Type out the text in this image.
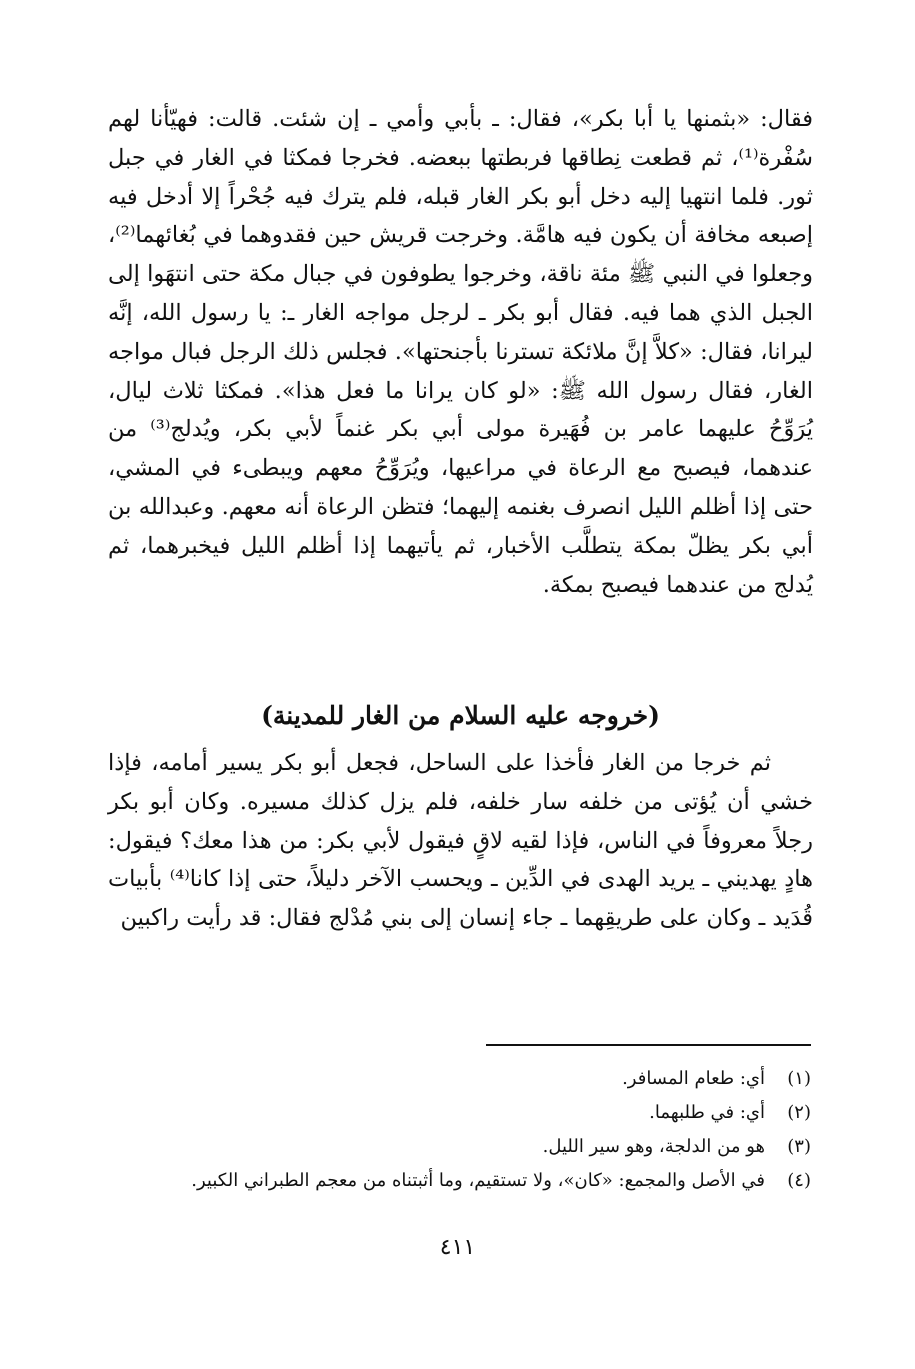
فقال: «بثمنها يا أبا بكر»، فقال: ـ بأبي وأمي ـ إن شئت. قالت: فهيّأنا لهم سُفْرة⁽¹⁾، ثم قطعت نِطاقها فربطتها ببعضه. فخرجا فمكثا في الغار في جبل ثور. فلما انتهيا إليه دخل أبو بكر الغار قبله، فلم يترك فيه جُحْراً إلا أدخل فيه إصبعه مخافة أن يكون فيه هامَّة. وخرجت قريش حين فقدوهما في بُغائهما⁽²⁾، وجعلوا في النبي ﷺ مئة ناقة، وخرجوا يطوفون في جبال مكة حتى انتهَوا إلى الجبل الذي هما فيه. فقال أبو بكر ـ لرجل مواجه الغار ـ: يا رسول الله، إنَّه ليرانا، فقال: «كلاَّ إنَّ ملائكة تسترنا بأجنحتها». فجلس ذلك الرجل فبال مواجه الغار، فقال رسول الله ﷺ: «لو كان يرانا ما فعل هذا». فمكثا ثلاث ليال، يُرَوِّحُ عليهما عامر بن فُهَيرة مولى أبي بكر غنماً لأبي بكر، ويُدلج⁽³⁾ من عندهما، فيصبح مع الرعاة في مراعيها، ويُرَوِّحُ معهم ويبطىء في المشي، حتى إذا أظلم الليل انصرف بغنمه إليهما؛ فتظن الرعاة أنه معهم. وعبدالله بن أبي بكر يظلّ بمكة يتطلَّب الأخبار، ثم يأتيهما إذا أظلم الليل فيخبرهما، ثم يُدلج من عندهما فيصبح بمكة.

(خروجه عليه السلام من الغار للمدينة)

ثم خرجا من الغار فأخذا على الساحل، فجعل أبو بكر يسير أمامه، فإذا خشي أن يُؤتى من خلفه سار خلفه، فلم يزل كذلك مسيره. وكان أبو بكر رجلاً معروفاً في الناس، فإذا لقيه لاقٍ فيقول لأبي بكر: من هذا معك؟ فيقول: هادٍ يهديني ـ يريد الهدى في الدِّين ـ ويحسب الآخر دليلاً، حتى إذا كانا⁽⁴⁾ بأبيات قُدَيد ـ وكان على طريقِهما ـ جاء إنسان إلى بني مُدْلج فقال: قد رأيت راكبين

(١)
أي: طعام المسافر.
(٢)
أي: في طلبهما.
(٣)
هو من الدلجة، وهو سير الليل.
(٤)
في الأصل والمجمع: «كان»، ولا تستقيم، وما أثبتناه من معجم الطبراني الكبير.
٤١١
